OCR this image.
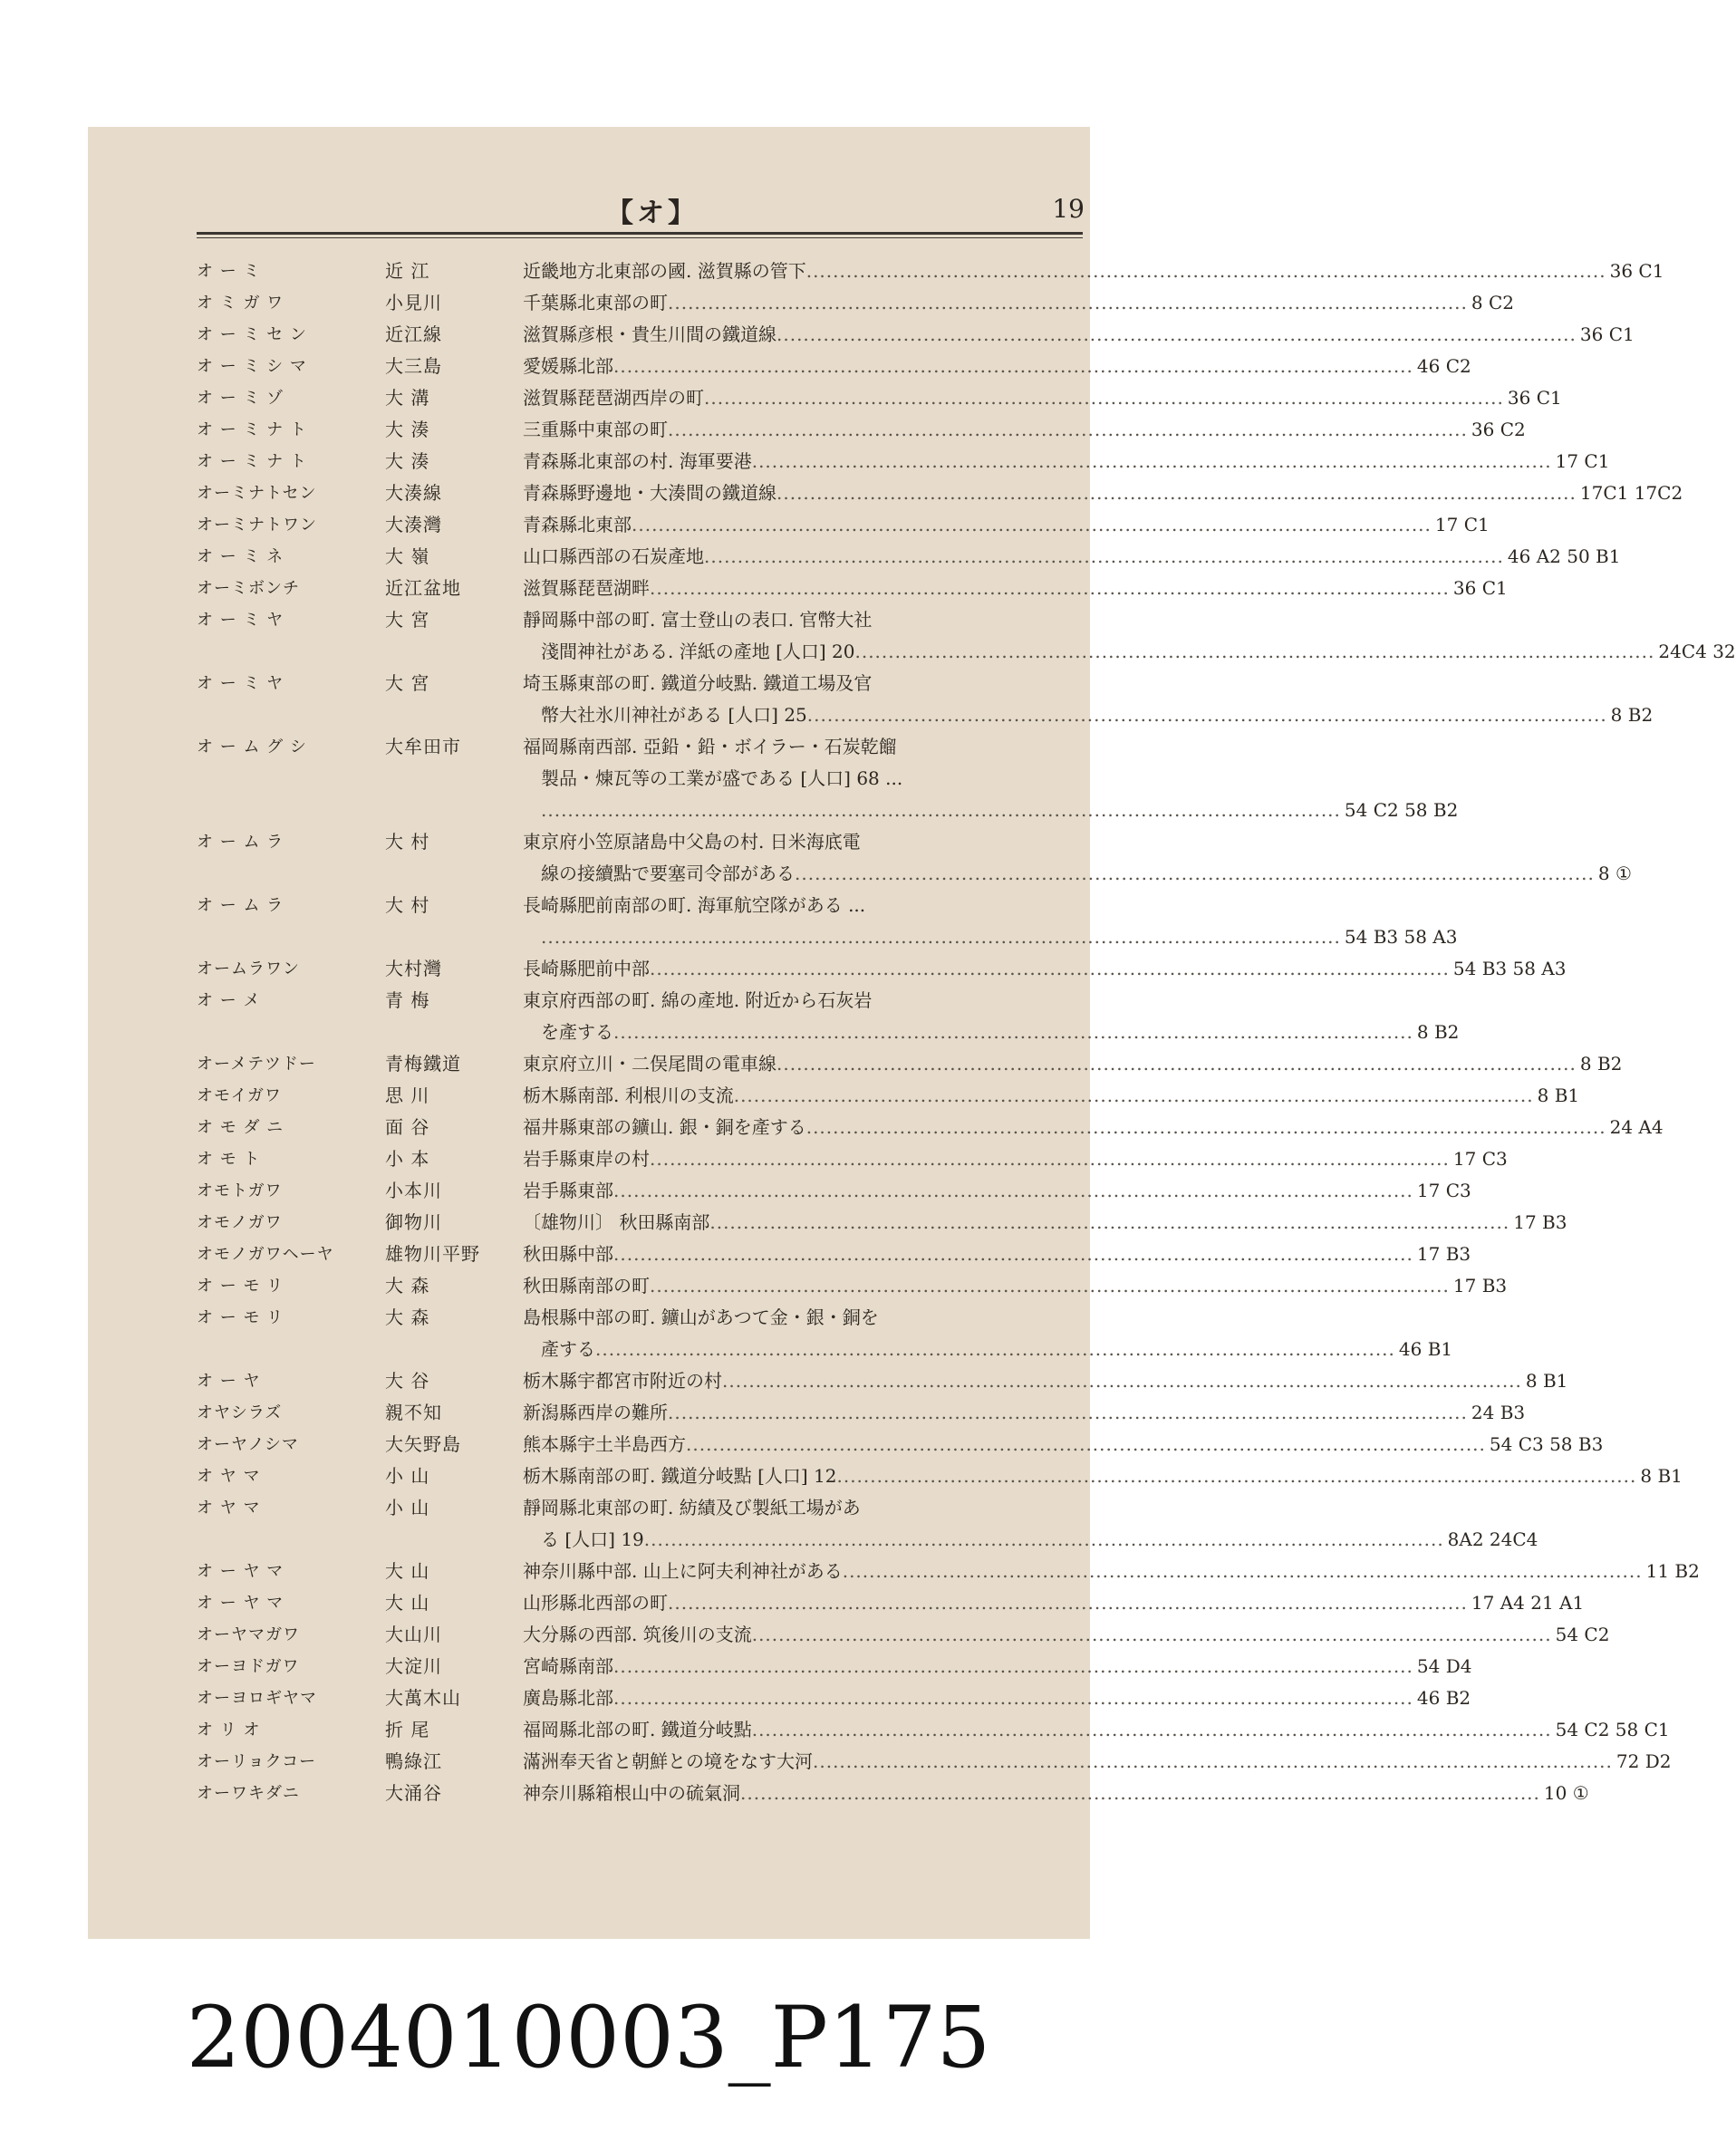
【オ】	19
オ ー ミ	近 江	近畿地方北東部の國. 滋賀縣の管下 ........................................................................................................................ 36 C1
オ ミ ガ ワ	小見川	千葉縣北東部の町 ........................................................................................................................ 8 C2
オ ー ミ セ ン	近江線	滋賀縣彦根・貴生川間の鐵道線 ........................................................................................................................ 36 C1
オ ー ミ シ マ	大三島	愛媛縣北部 ........................................................................................................................ 46 C2
オ ー ミ ゾ	大 溝	滋賀縣琵琶湖西岸の町 ........................................................................................................................ 36 C1
オ ー ミ ナ ト	大 湊	三重縣中東部の町 ........................................................................................................................ 36 C2
オ ー ミ ナ ト	大 湊	青森縣北東部の村. 海軍要港 ........................................................................................................................ 17 C1
オーミナトセン	大湊線	青森縣野邊地・大湊間の鐵道線 ........................................................................................................................ 17C1 17C2
オーミナトワン	大湊灣	青森縣北東部 ........................................................................................................................ 17 C1
オ ー ミ ネ	大 嶺	山口縣西部の石炭產地 ........................................................................................................................ 46 A2 50 B1
オーミボンチ	近江盆地	滋賀縣琵琶湖畔 ........................................................................................................................ 36 C1
オ ー ミ ヤ	大 宮	靜岡縣中部の町. 富士登山の表口. 官幣大社
淺間神社がある. 洋紙の產地 [人口] 20 ........................................................................................................................ 24C4 32
オ ー ミ ヤ	大 宮	埼玉縣東部の町. 鐵道分岐點. 鐵道工場及官
幣大社氷川神社がある [人口] 25 ........................................................................................................................ 8 B2
オ ー ム グ シ	大牟田市	福岡縣南西部. 亞鉛・鉛・ボイラー・石炭乾餾
製品・煉瓦等の工業が盛である [人口] 68 ...
........................................................................................................................ 54 C2 58 B2
オ ー ム ラ	大 村	東京府小笠原諸島中父島の村. 日米海底電
線の接續點で要塞司令部がある ........................................................................................................................ 8 ①
オ ー ム ラ	大 村	長崎縣肥前南部の町. 海軍航空隊がある ...
........................................................................................................................ 54 B3 58 A3
オームラワン	大村灣	長崎縣肥前中部 ........................................................................................................................ 54 B3 58 A3
オ ー メ	青 梅	東京府西部の町. 綿の產地. 附近から石灰岩
を產する ........................................................................................................................ 8 B2
オーメテツドー	青梅鐵道	東京府立川・二俣尾間の電車線 ........................................................................................................................ 8 B2
オモイガワ	思 川	栃木縣南部. 利根川の支流 ........................................................................................................................ 8 B1
オ モ ダ ニ	面 谷	福井縣東部の鑛山. 銀・銅を產する ........................................................................................................................ 24 A4
オ モ ト	小 本	岩手縣東岸の村 ........................................................................................................................ 17 C3
オモトガワ	小本川	岩手縣東部 ........................................................................................................................ 17 C3
オモノガワ	御物川	〔雄物川〕 秋田縣南部 ........................................................................................................................ 17 B3
オモノガワヘーヤ	雄物川平野	秋田縣中部 ........................................................................................................................ 17 B3
オ ー モ リ	大 森	秋田縣南部の町 ........................................................................................................................ 17 B3
オ ー モ リ	大 森	島根縣中部の町. 鑛山があつて金・銀・銅を
產する ........................................................................................................................ 46 B1
オ ー ヤ	大 谷	栃木縣宇都宮市附近の村 ........................................................................................................................ 8 B1
オヤシラズ	親不知	新潟縣西岸の難所 ........................................................................................................................ 24 B3
オーヤノシマ	大矢野島	熊本縣宇土半島西方 ........................................................................................................................ 54 C3 58 B3
オ ヤ マ	小 山	栃木縣南部の町. 鐵道分岐點 [人口] 12 ........................................................................................................................ 8 B1
オ ヤ マ	小 山	靜岡縣北東部の町. 紡績及び製紙工場があ
る [人口] 19 ........................................................................................................................ 8A2 24C4
オ ー ヤ マ	大 山	神奈川縣中部. 山上に阿夫利神社がある ........................................................................................................................ 11 B2
オ ー ヤ マ	大 山	山形縣北西部の町 ........................................................................................................................ 17 A4 21 A1
オーヤマガワ	大山川	大分縣の西部. 筑後川の支流 ........................................................................................................................ 54 C2
オーヨドガワ	大淀川	宮崎縣南部 ........................................................................................................................ 54 D4
オーヨロギヤマ	大萬木山	廣島縣北部 ........................................................................................................................ 46 B2
オ リ オ	折 尾	福岡縣北部の町. 鐵道分岐點 ........................................................................................................................ 54 C2 58 C1
オーリョクコー	鴨綠江	滿洲奉天省と朝鮮との境をなす大河 ........................................................................................................................ 72 D2
オーワキダニ	大涌谷	神奈川縣箱根山中の硫氣洞 ........................................................................................................................ 10 ①
2004010003_P175
